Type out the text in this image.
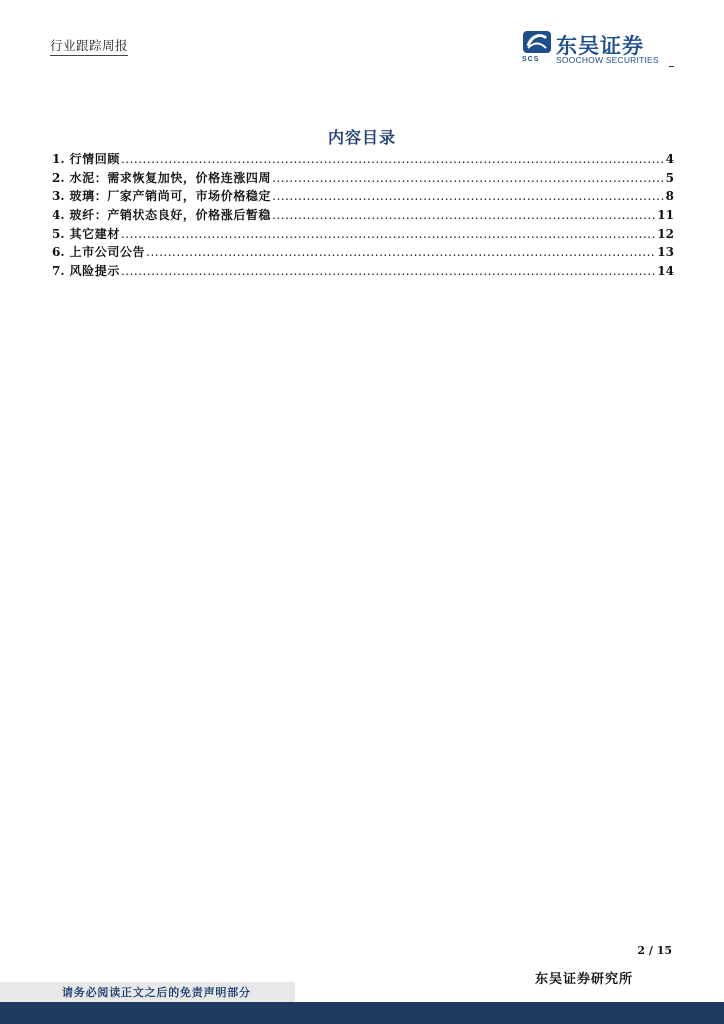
行业跟踪周报	东吴证券
SCS SOOCHOW SECURITIES
内容目录
1. 行情回顾 .....	4
2. 水泥：需求恢复加快，价格连涨四周 .....	5
3. 玻璃：厂家产销尚可，市场价格稳定 .....	8
4. 玻纤：产销状态良好，价格涨后暂稳 .....	11
5. 其它建材 .....	12
6. 上市公司公告 .....	13
7. 风险提示 .....	14
2 / 15
东吴证券研究所
请务必阅读正文之后的免责声明部分
